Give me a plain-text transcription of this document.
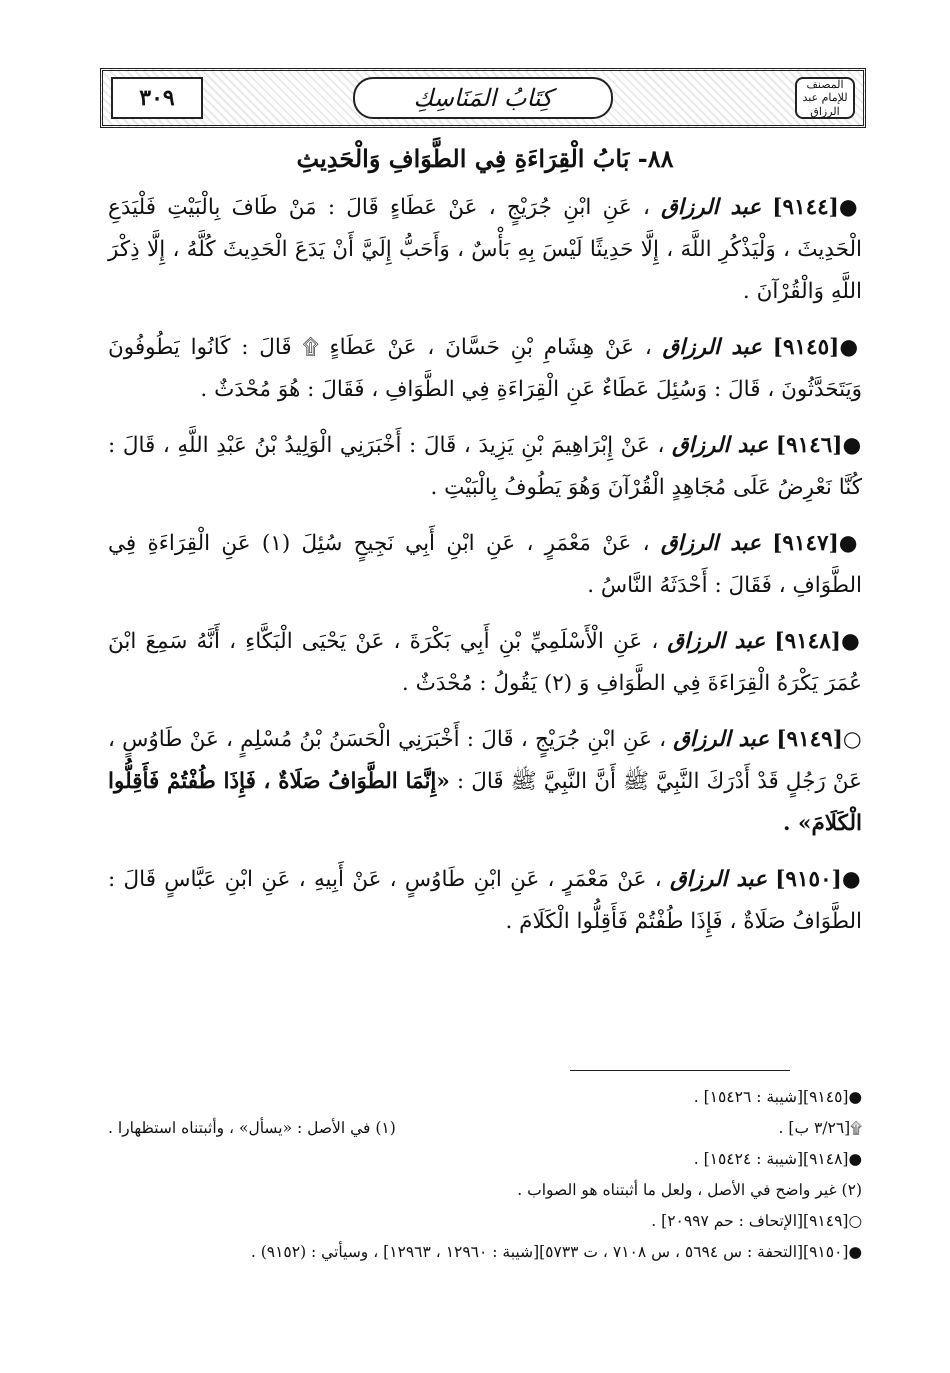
٣٠٩	كِتَابُ المَنَاسِكِ	المصنف للإمام عبد الرزاق
٨٨- بَابُ الْقِرَاءَةِ فِي الطَّوَافِ وَالْحَدِيثِ

●[٩١٤٤] عبد الرزاق ، عَنِ ابْنِ جُرَيْجٍ ، عَنْ عَطَاءٍ قَالَ : مَنْ طَافَ بِالْبَيْتِ فَلْيَدَعِ الْحَدِيثَ ، وَلْيَذْكُرِ اللَّهَ ، إِلَّا حَدِيثًا لَيْسَ بِهِ بَأْسٌ ، وَأَحَبُّ إِلَيَّ أَنْ يَدَعَ الْحَدِيثَ كُلَّهُ ، إِلَّا ذِكْرَ اللَّهِ وَالْقُرْآنَ .

●[٩١٤٥] عبد الرزاق ، عَنْ هِشَامِ بْنِ حَسَّانَ ، عَنْ عَطَاءٍ ۩ قَالَ : كَانُوا يَطُوفُونَ وَيَتَحَدَّثُونَ ، قَالَ : وَسُئِلَ عَطَاءٌ عَنِ الْقِرَاءَةِ فِي الطَّوَافِ ، فَقَالَ : هُوَ مُحْدَثٌ .

●[٩١٤٦] عبد الرزاق ، عَنْ إِبْرَاهِيمَ بْنِ يَزِيدَ ، قَالَ : أَخْبَرَنِي الْوَلِيدُ بْنُ عَبْدِ اللَّهِ ، قَالَ : كُنَّا نَعْرِضُ عَلَى مُجَاهِدٍ الْقُرْآنَ وَهُوَ يَطُوفُ بِالْبَيْتِ .

●[٩١٤٧] عبد الرزاق ، عَنْ مَعْمَرٍ ، عَنِ ابْنِ أَبِي نَجِيحٍ سُئِلَ (١) عَنِ الْقِرَاءَةِ فِي الطَّوَافِ ، فَقَالَ : أَحْدَثَهُ النَّاسُ .

●[٩١٤٨] عبد الرزاق ، عَنِ الْأَسْلَمِيِّ بْنِ أَبِي بَكْرَةَ ، عَنْ يَحْيَى الْبَكَّاءِ ، أَنَّهُ سَمِعَ ابْنَ عُمَرَ يَكْرَهُ الْقِرَاءَةَ فِي الطَّوَافِ وَ (٢) يَقُولُ : مُحْدَثٌ .

○[٩١٤٩] عبد الرزاق ، عَنِ ابْنِ جُرَيْجٍ ، قَالَ : أَخْبَرَنِي الْحَسَنُ بْنُ مُسْلِمٍ ، عَنْ طَاوُسٍ ، عَنْ رَجُلٍ قَدْ أَدْرَكَ النَّبِيَّ ﷺ أَنَّ النَّبِيَّ ﷺ قَالَ : «إِنَّمَا الطَّوَافُ صَلَاةٌ ، فَإِذَا طُفْتُمْ فَأَقِلُّوا الْكَلَامَ» .

●[٩١٥٠] عبد الرزاق ، عَنْ مَعْمَرٍ ، عَنِ ابْنِ طَاوُسٍ ، عَنْ أَبِيهِ ، عَنِ ابْنِ عَبَّاسٍ قَالَ : الطَّوَافُ صَلَاةٌ ، فَإِذَا طُفْتُمْ فَأَقِلُّوا الْكَلَامَ .

●[٩١٤٥][شيبة : ١٥٤٢٦] .

۩[٣/٢٦ ب] .

(١) في الأصل : «يسأل» ، وأثبتناه استظهارا .

●[٩١٤٨][شيبة : ١٥٤٢٤] .

(٢) غير واضح في الأصل ، ولعل ما أثبتناه هو الصواب .

○[٩١٤٩][الإتحاف : حم ٢٠٩٩٧] .

●[٩١٥٠][التحفة : س ٥٦٩٤ ، س ٧١٠٨ ، ت ٥٧٣٣][شيبة : ١٢٩٦٠ ، ١٢٩٦٣] ، وسيأتي : (٩١٥٢) .
